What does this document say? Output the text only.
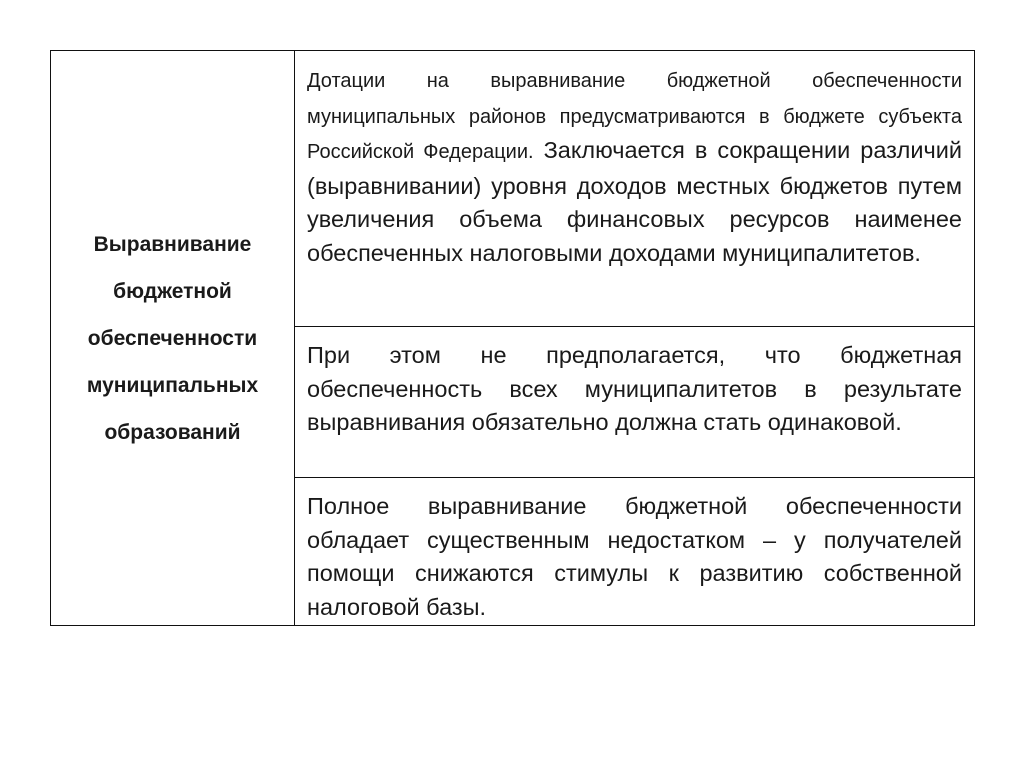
Выравнивание бюджетной обеспеченности муниципальных образований

Дотации на выравнивание бюджетной обеспеченности муниципальных районов предусматриваются в бюджете субъекта Российской Федерации. Заключается в сокращении различий (выравнивании) уровня доходов местных бюджетов путем увеличения объема финансовых ресурсов наименее обеспеченных налоговыми доходами муниципалитетов.

При этом не предполагается, что бюджетная обеспеченность всех муниципалитетов в результате выравнивания обязательно должна стать одинаковой.

Полное выравнивание бюджетной обеспеченности обладает существенным недостатком – у получателей помощи снижаются стимулы к развитию собственной налоговой базы.
